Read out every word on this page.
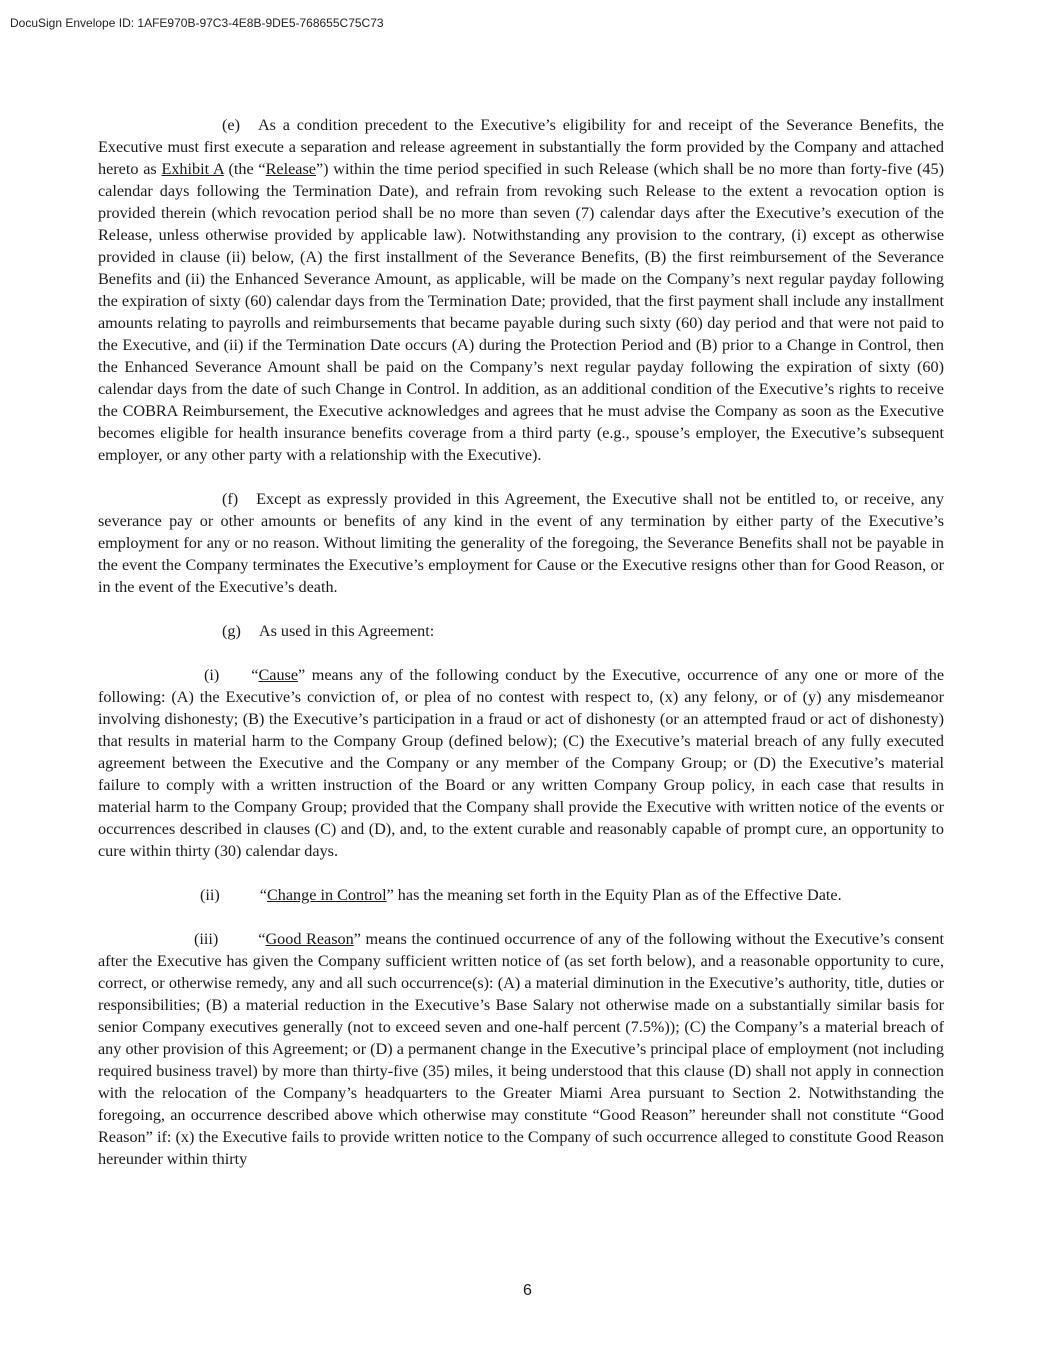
DocuSign Envelope ID: 1AFE970B-97C3-4E8B-9DE5-768655C75C73

(e) As a condition precedent to the Executive’s eligibility for and receipt of the Severance Benefits, the Executive must first execute a separation and release agreement in substantially the form provided by the Company and attached hereto as Exhibit A (the “Release”) within the time period specified in such Release (which shall be no more than forty-five (45) calendar days following the Termination Date), and refrain from revoking such Release to the extent a revocation option is provided therein (which revocation period shall be no more than seven (7) calendar days after the Executive’s execution of the Release, unless otherwise provided by applicable law). Notwithstanding any provision to the contrary, (i) except as otherwise provided in clause (ii) below, (A) the first installment of the Severance Benefits, (B) the first reimbursement of the Severance Benefits and (ii) the Enhanced Severance Amount, as applicable, will be made on the Company’s next regular payday following the expiration of sixty (60) calendar days from the Termination Date; provided, that the first payment shall include any installment amounts relating to payrolls and reimbursements that became payable during such sixty (60) day period and that were not paid to the Executive, and (ii) if the Termination Date occurs (A) during the Protection Period and (B) prior to a Change in Control, then the Enhanced Severance Amount shall be paid on the Company’s next regular payday following the expiration of sixty (60) calendar days from the date of such Change in Control. In addition, as an additional condition of the Executive’s rights to receive the COBRA Reimbursement, the Executive acknowledges and agrees that he must advise the Company as soon as the Executive becomes eligible for health insurance benefits coverage from a third party (e.g., spouse’s employer, the Executive’s subsequent employer, or any other party with a relationship with the Executive).

(f) Except as expressly provided in this Agreement, the Executive shall not be entitled to, or receive, any severance pay or other amounts or benefits of any kind in the event of any termination by either party of the Executive’s employment for any or no reason. Without limiting the generality of the foregoing, the Severance Benefits shall not be payable in the event the Company terminates the Executive’s employment for Cause or the Executive resigns other than for Good Reason, or in the event of the Executive’s death.

(g) As used in this Agreement:

(i) “Cause” means any of the following conduct by the Executive, occurrence of any one or more of the following: (A) the Executive’s conviction of, or plea of no contest with respect to, (x) any felony, or of (y) any misdemeanor involving dishonesty; (B) the Executive’s participation in a fraud or act of dishonesty (or an attempted fraud or act of dishonesty) that results in material harm to the Company Group (defined below); (C) the Executive’s material breach of any fully executed agreement between the Executive and the Company or any member of the Company Group; or (D) the Executive’s material failure to comply with a written instruction of the Board or any written Company Group policy, in each case that results in material harm to the Company Group; provided that the Company shall provide the Executive with written notice of the events or occurrences described in clauses (C) and (D), and, to the extent curable and reasonably capable of prompt cure, an opportunity to cure within thirty (30) calendar days.

(ii) “Change in Control” has the meaning set forth in the Equity Plan as of the Effective Date.

(iii) “Good Reason” means the continued occurrence of any of the following without the Executive’s consent after the Executive has given the Company sufficient written notice of (as set forth below), and a reasonable opportunity to cure, correct, or otherwise remedy, any and all such occurrence(s): (A) a material diminution in the Executive’s authority, title, duties or responsibilities; (B) a material reduction in the Executive’s Base Salary not otherwise made on a substantially similar basis for senior Company executives generally (not to exceed seven and one-half percent (7.5%)); (C) the Company’s a material breach of any other provision of this Agreement; or (D) a permanent change in the Executive’s principal place of employment (not including required business travel) by more than thirty-five (35) miles, it being understood that this clause (D) shall not apply in connection with the relocation of the Company’s headquarters to the Greater Miami Area pursuant to Section 2. Notwithstanding the foregoing, an occurrence described above which otherwise may constitute “Good Reason” hereunder shall not constitute “Good Reason” if: (x) the Executive fails to provide written notice to the Company of such occurrence alleged to constitute Good Reason hereunder within thirty

6
